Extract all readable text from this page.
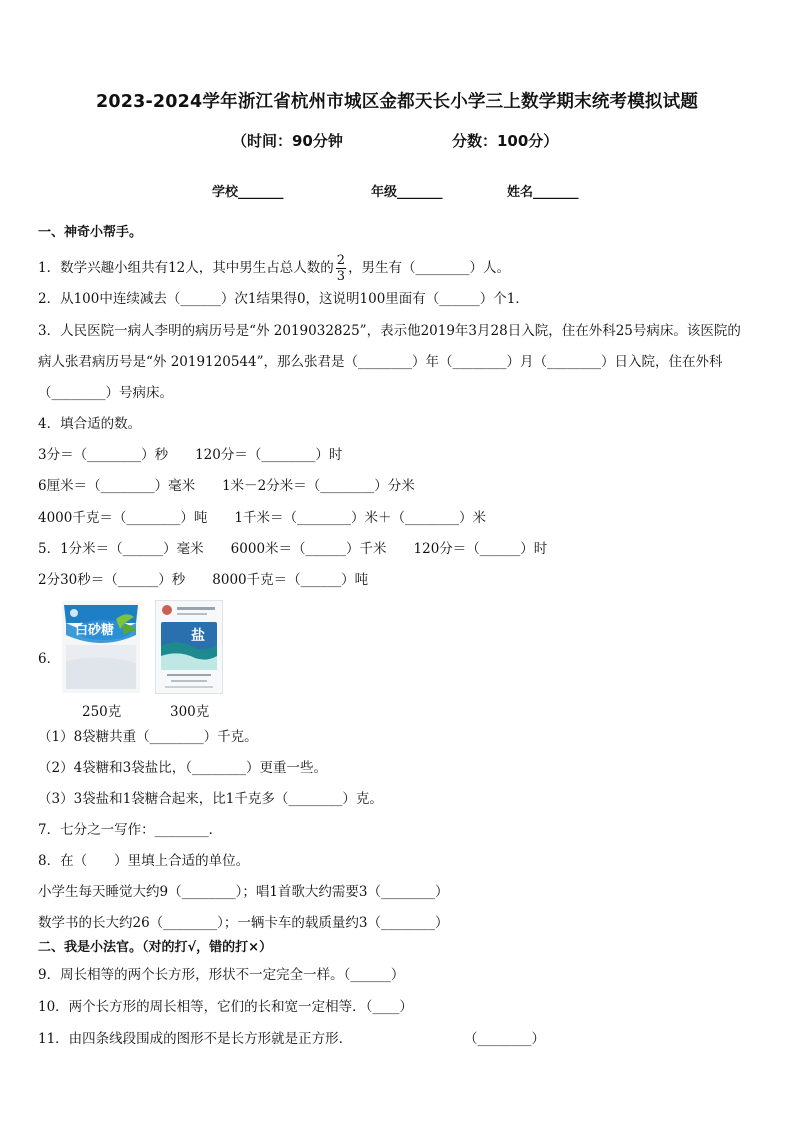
2023-2024学年浙江省杭州市城区金都天长小学三上数学期末统考模拟试题
（时间：90分钟	分数：100分）
学校_______	年级_______	姓名_______
一、神奇小帮手。
1．数学兴趣小组共有12人，其中男生占总人数的 $\frac{2}{3}$ ，男生有（________）人。
2．从100中连续减去（______）次1结果得0，这说明100里面有（______）个1．
3．人民医院一病人李明的病历号是“外 2019032825”，表示他2019年3月28日入院，住在外科25号病床。该医院的
病人张君病历号是“外 2019120544”，那么张君是（________）年（________）月（________）日入院，住在外科
（________）号病床。
4．填合适的数。
3分＝（________）秒　　120分＝（________）时
6厘米＝（________）毫米　　1米－2分米＝（________）分米
4000千克＝（________）吨　　1千米＝（________）米＋（________）米
5．1分米＝（______）毫米　　6000米＝（______）千米　　120分＝（______）时
2分30秒＝（______）秒　　8000千克＝（______）吨
6．
白砂糖
250克
盐
300克
（1）8袋糖共重（________）千克。
（2）4袋糖和3袋盐比，（________）更重一些。
（3）3袋盐和1袋糖合起来，比1千克多（________）克。
7．七分之一写作：________．
8．在（　　）里填上合适的单位。
小学生每天睡觉大约9（________）；唱1首歌大约需要3（________）
数学书的长大约26（________）；一辆卡车的载质量约3（________）
二、我是小法官。（对的打√，错的打×）
9．周长相等的两个长方形，形状不一定完全一样。（______）
10．两个长方形的周长相等，它们的长和宽一定相等．（____）
11．由四条线段围成的图形不是长方形就是正方形．	（________）
